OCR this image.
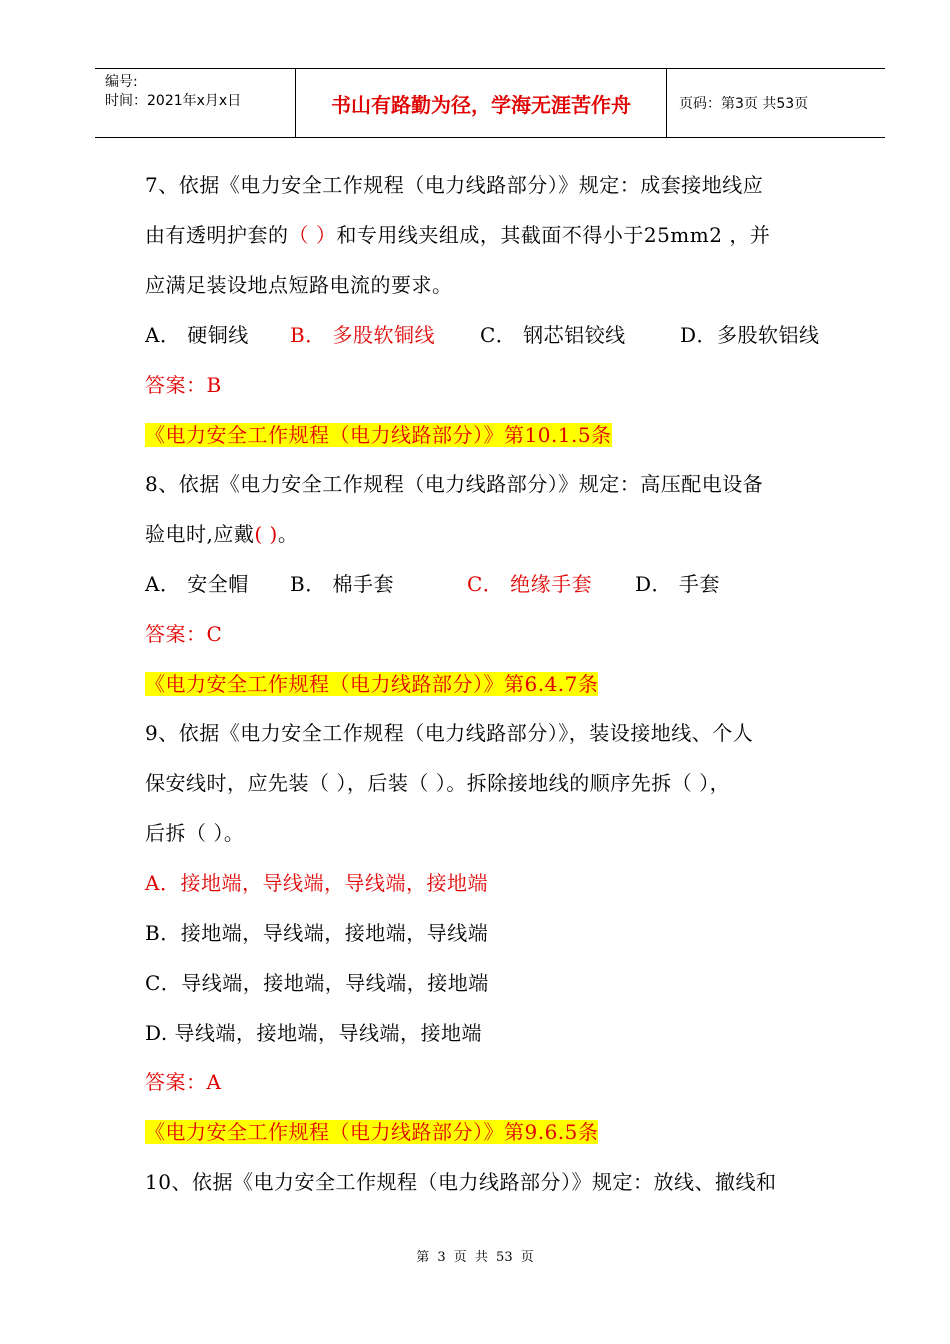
编号:
时间：2021年x月x日	书山有路勤为径，学海无涯苦作舟	页码：第3页 共53页
7、依据《电力安全工作规程（电力线路部分）》规定：成套接地线应
由有透明护套的（ ）和专用线夹组成，其截面不得小于25mm2 ，并
应满足装设地点短路电流的要求。
A． 硬铜线 B． 多股软铜线 C． 钢芯铝铰线	D．多股软铝线
答案：B
《电力安全工作规程（电力线路部分）》第10.1.5条
8、依据《电力安全工作规程（电力线路部分）》规定：高压配电设备
验电时,应戴( )。
A． 安全帽 B． 棉手套	C． 绝缘手套 D． 手套
答案：C
《电力安全工作规程（电力线路部分）》第6.4.7条
9、依据《电力安全工作规程（电力线路部分）》，装设接地线、个人
保安线时，应先装（ ），后装（ ）。拆除接地线的顺序先拆（ ），
后拆（ ）。
A．接地端，导线端，导线端，接地端
B．接地端，导线端，接地端，导线端
C．导线端，接地端，导线端，接地端
D. 导线端，接地端，导线端，接地端
答案：A
《电力安全工作规程（电力线路部分）》第9.6.5条
10、依据《电力安全工作规程（电力线路部分）》规定：放线、撤线和
第 3 页 共 53 页
